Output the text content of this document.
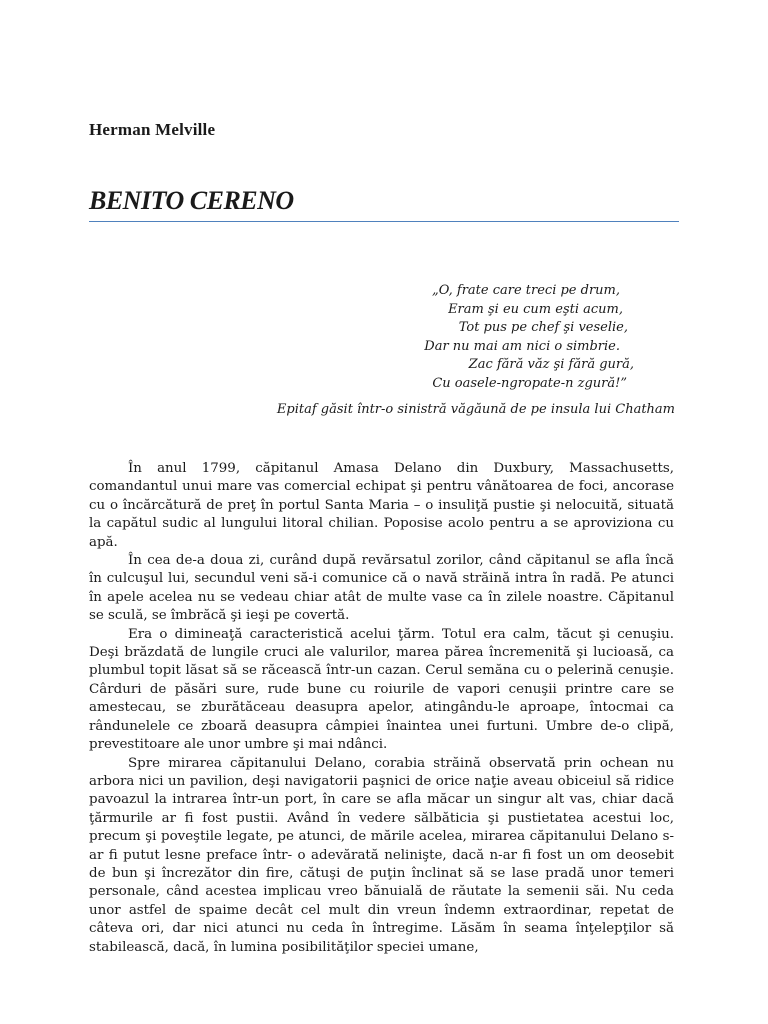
Herman Melville
BENITO CERENO
„O, frate care treci pe drum,
Eram şi eu cum eşti acum,
Tot pus pe chef şi veselie,
Dar nu mai am nici o simbrie.
Zac fără văz şi fără gură,
Cu oasele-ngropate-n zgură!”
Epitaf găsit într-o sinistră văgăună de pe insula lui Chatham

În anul 1799, căpitanul Amasa Delano din Duxbury, Massachusetts, comandantul unui mare vas comercial echipat şi pentru vânătoarea de foci, ancorase cu o încărcătură de preţ în portul Santa Maria – o insuliţă pustie şi nelocuită, situată la capătul sudic al lungului litoral chilian. Poposise acolo pentru a se aproviziona cu apă.

În cea de-a doua zi, curând după revărsatul zorilor, când căpitanul se afla încă în culcuşul lui, secundul veni să-i comunice că o navă străină intra în radă. Pe atunci în apele acelea nu se vedeau chiar atât de multe vase ca în zilele noastre. Căpitanul se sculă, se îmbrăcă şi ieşi pe covertă.

Era o dimineaţă caracteristică acelui ţărm. Totul era calm, tăcut şi cenuşiu. Deşi brăzdată de lungile cruci ale valurilor, marea părea încremenită şi lucioasă, ca plumbul topit lăsat să se răcească într-un cazan. Cerul semăna cu o pelerină cenuşie. Cârduri de păsări sure, rude bune cu roiurile de vapori cenuşii printre care se amestecau, se zburătăceau deasupra apelor, atingându-le aproape, întocmai ca rândunelele ce zboară deasupra câmpiei înaintea unei furtuni. Umbre de-o clipă, prevestitoare ale unor umbre şi mai ndânci.

Spre mirarea căpitanului Delano, corabia străină observată prin ochean nu arbora nici un pavilion, deşi navigatorii paşnici de orice naţie aveau obiceiul să ridice pavoazul la intrarea într-un port, în care se afla măcar un singur alt vas, chiar dacă ţărmurile ar fi fost pustii. Având în vedere sălbăticia şi pustietatea acestui loc, precum şi poveştile legate, pe atunci, de mările acelea, mirarea căpitanului Delano s-ar fi putut lesne preface într- o adevărată nelinişte, dacă n-ar fi fost un om deosebit de bun şi încrezător din fire, cătuşi de puţin înclinat să se lase pradă unor temeri personale, când acestea implicau vreo bănuială de răutate la semenii săi. Nu ceda unor astfel de spaime decât cel mult din vreun îndemn extraordinar, repetat de câteva ori, dar nici atunci nu ceda în întregime. Lăsăm în seama înţelepţilor să stabilească, dacă, în lumina posibilităţilor speciei umane,
